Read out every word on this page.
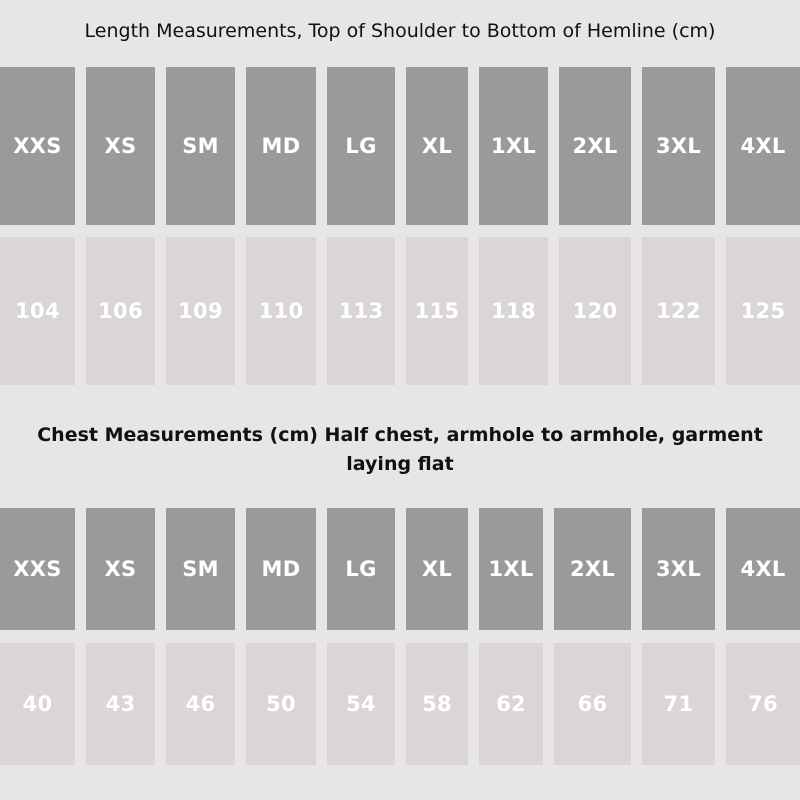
Length Measurements, Top of Shoulder to Bottom of Hemline (cm)
XXS	XS	SM	MD	LG	XL	1XL	2XL	3XL	4XL
104	106	109	110	113	115	118	120	122	125
Chest Measurements (cm) Half chest, armhole to armhole, garment laying flat
XXS	XS	SM	MD	LG	XL	1XL	2XL	3XL	4XL
40	43	46	50	54	58	62	66	71	76
